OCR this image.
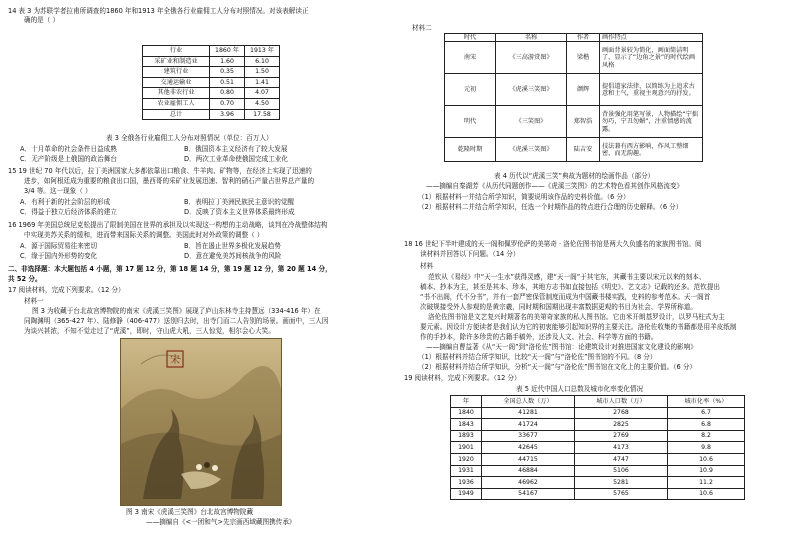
14 表 3 为苏联学者拉甫所调查的1860 年和1913 年全俄各行业雇佣工人分布对照情况。对该表解读正
确的是（ ）
行业	1860 年	1913 年
采矿业和制造业	1.60	6.10
建筑行业	0.35	1.50
交通运输业	0.51	1.41
其他非农行业	0.80	4.07
农业雇佣工人	0.70	4.50
总计	3.96	17.58
表 3 全俄各行业雇佣工人分布对照情况（单位：百万人）
A．十月革命的社会条件日益成熟	B．俄国资本主义经济有了较大发展
C．无产阶级是上俄国的政治舞台	D．两次工业革命使俄国完成工业化
15 19 世纪 70 年代以后，拉丁美洲国家大多都依靠出口粮食、牛羊肉、矿物等，在经济上实现了迅速的
进步，如阿根廷成为重要的粮食出口国，墨西哥的采矿业发展迅速、智利的硝石产量占世界总产量的
3/4 等。这一现象（ ）
A．有利于新的社会阶层的形成	B．表明拉丁美洲民族民主意识的觉醒
C．得益于独立后经济体系的建立	D．反映了资本主义世界体系最终形成
16 1969 年美国总统尼克松提出了限制美国在世界的承担及以实现这一构想的主动战略，谈判在冷战整体结构
中实现美苏关系的缓和，进而带来国际关系的调整。美国此时对外政策的调整（ ）
A．源于国际贸易往来密切	B．旨在遏止世界多极化发展趋势
C．缘于国内外形势的变化	D．意在避免美苏间核战争的风险
二、非选择题：本大题包括 4 小题，第 17 题 12 分，第 18 题 14 分，第 19 题 12 分，第 20 题 14 分，
共 52 分。
17 阅读材料，完成下列要求。（12 分）
材料一
图 3 为收藏于台北故宫博物院的南宋《虎溪三笑图》展现了庐山东林寺主持慧远（334-416 年）在
同陶渊明（365-427 年）、陆修静（406-477）送别归去时，出寺门而二人告别的场景。画面中，三人因
为谈兴甚浓，不知不觉走过了“虎溪”，即时，守山虎大吼，三人惊觉，相尔会心大笑。
宋
图 3 南宋《虎溪三笑图》台北故宫博物院藏
——摘编自《<一团和气>先宗画西域藏图携传承》
材料二
时代	名称	作者	画作特点
南宋	《三高游赏图》	梁楷	画面背景较为简化，画面简洁明了，显示了“边角之景”的时代绘画风格
元初	《虎溪三笑图》	颜辉	提倡道家法律，以简练为上追求古意和士气，重视主观意兴的抒发。
明代	《三笑图》	郑智浩	背景强化用笔写景，人物描绘“宁拙勿巧，宁丑勿媚”，注重情感的流露。
乾隆时期	《虎溪三笑图》	陆吉安	技法兼有西方影响，作风工整细密，而无韵趣。
表 4 历代以“虎溪三笑”典故为题材的绘画作品（部分）
——摘编自秦湖芳《从历代同题创作——《虎溪三笑图》的艺术特色看其创作风格流变》
（1）根据材料一并结合所学知识，简要说明该作品的史料价值。（6 分）
（2）根据材料二并结合所学知识，任选一个时期作品的特点进行合理的历史解释。（6 分）
18 16 世纪下半叶建成的天一阁和佩罗伦萨的美第奇 · 洛伦佐图书馆是两大久负盛名的家族图书馆。阅
读材料并回答以下问题。（14 分）
材料
范钦从《易经》中“天一生水”获得灵感，建“天一阁”于其宅东，其藏书主要以宋元以来的刻本、
稿本、抄本为主，甚至是其本、珍本，其地方志书如直接包括《明史》、艺文志》记载的还多。范钦提出
“书不出阁，代不分书”，并有一套严密保管制度而成为中国藏书楼实践，史料的参考范本。天一阁首
次破规接受外人参观的是黄宗羲，同时期和国期出现丰富数据更观的书目为社会、学界所称道。
洛伦佐图书馆是文艺复兴时期著名的美第奇家族的私人图书馆。它由米开朗基罗设计，以罗马柱式为主
要元素。因设计方便读者是我们认为它的初衷能够引起知识界的主要关注。洛伦佐收集的书籍都是用羊皮纸制
作的手抄本，除许多珍贵的古籍手稿外，还涉及人文、社会、科学等方面的书籍。
——摘编自曹益著《从“天一阁”到“洛伦佐”图书馆：论建筑设计对推进国家文化建设的影响》
（1）根据材料并结合所学知识，比较“天一阁”与“洛伦佐”图书馆的不同。（8 分）
（2）根据材料并结合所学知识，分析“天一阁”与“洛伦佐”图书馆在文化上的主要价值。（6 分）
19 阅读材料，完成下列要求。（12 分）
表 5 近代中国人口总数及城市化率变化情况
年	全国总人数（万）	城市人口数（万）	城市化率（%）
1840	41281	2768	6.7
1843	41724	2825	6.8
1893	33677	2769	8.2
1901	42645	4173	9.8
1920	44715	4747	10.6
1931	46884	5106	10.9
1936	46962	5281	11.2
1949	54167	5765	10.6
